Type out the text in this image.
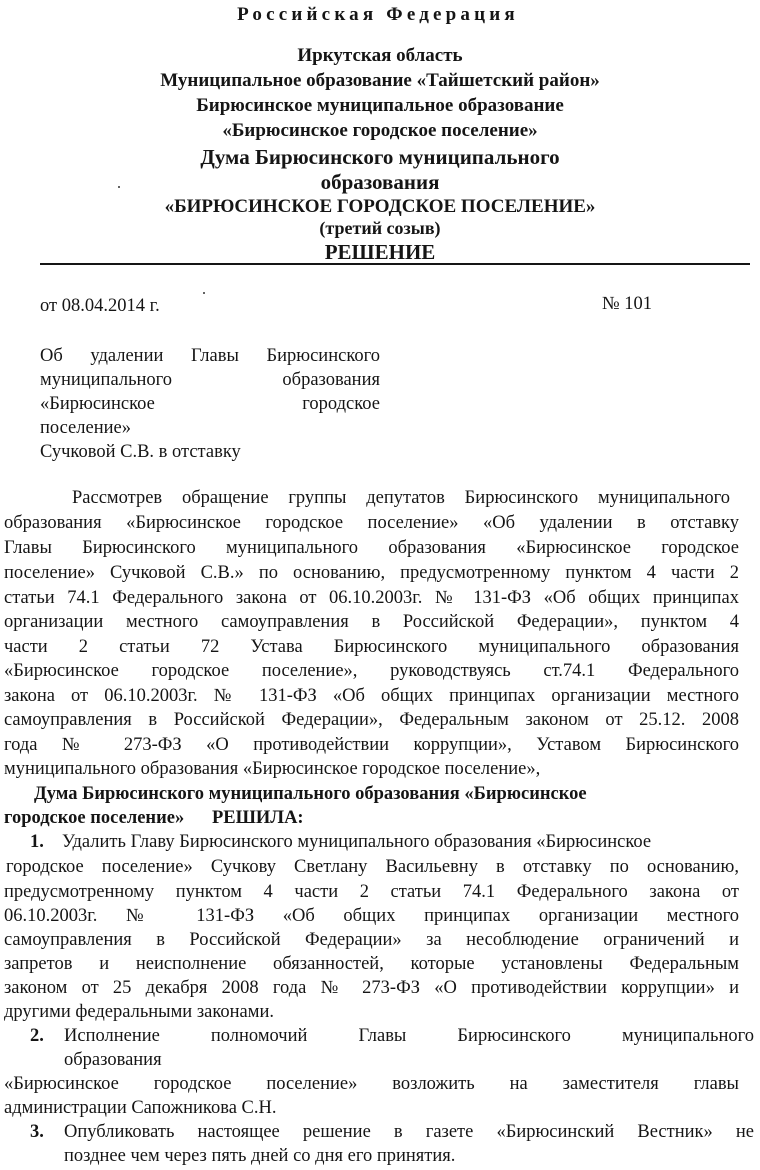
Российская Федерация
Иркутская область
Муниципальное образование «Тайшетский район»
Бирюсинское муниципальное образование
«Бирюсинское городское поселение»
Дума Бирюсинского муниципального
образования
«БИРЮСИНСКОЕ ГОРОДСКОЕ ПОСЕЛЕНИЕ»
(третий созыв)
РЕШЕНИЕ
от 08.04.2014 г.	№ 101
Об удалении Главы Бирюсинского
муниципального образования
«Бирюсинское городское
поселение»
Сучковой С.В. в отставку
Рассмотрев обращение группы депутатов Бирюсинского муниципального
образования «Бирюсинское городское поселение» «Об удалении в отставку
Главы Бирюсинского муниципального образования «Бирюсинское городское
поселение» Сучковой С.В.» по основанию, предусмотренному пунктом 4 части 2
статьи 74.1 Федерального закона от 06.10.2003г. № 131-ФЗ «Об общих принципах
организации местного самоуправления в Российской Федерации», пунктом 4
части 2 статьи 72 Устава Бирюсинского муниципального образования
«Бирюсинское городское поселение», руководствуясь ст.74.1 Федерального
закона от 06.10.2003г. № 131-ФЗ «Об общих принципах организации местного
самоуправления в Российской Федерации», Федеральным законом от 25.12. 2008
года № 273-ФЗ «О противодействии коррупции», Уставом Бирюсинского
муниципального образования «Бирюсинское городское поселение»,
Дума Бирюсинского муниципального образования «Бирюсинское
городское поселение»      РЕШИЛА:
1. Удалить Главу Бирюсинского муниципального образования «Бирюсинское
городское поселение» Сучкову Светлану Васильевну в отставку по основанию,
предусмотренному пунктом 4 части 2 статьи 74.1 Федерального закона от
06.10.2003г. № 131-ФЗ «Об общих принципах организации местного
самоуправления в Российской Федерации» за несоблюдение ограничений и
запретов и неисполнение обязанностей, которые установлены Федеральным
законом от 25 декабря 2008 года № 273-ФЗ «О противодействии коррупции» и
другими федеральными законами.
2. Исполнение полномочий Главы Бирюсинского муниципального
образования
«Бирюсинское городское поселение» возложить на заместителя главы
администрации Сапожникова С.Н.
3. Опубликовать настоящее решение в газете «Бирюсинский Вестник» не
позднее чем через пять дней со дня его принятия.
